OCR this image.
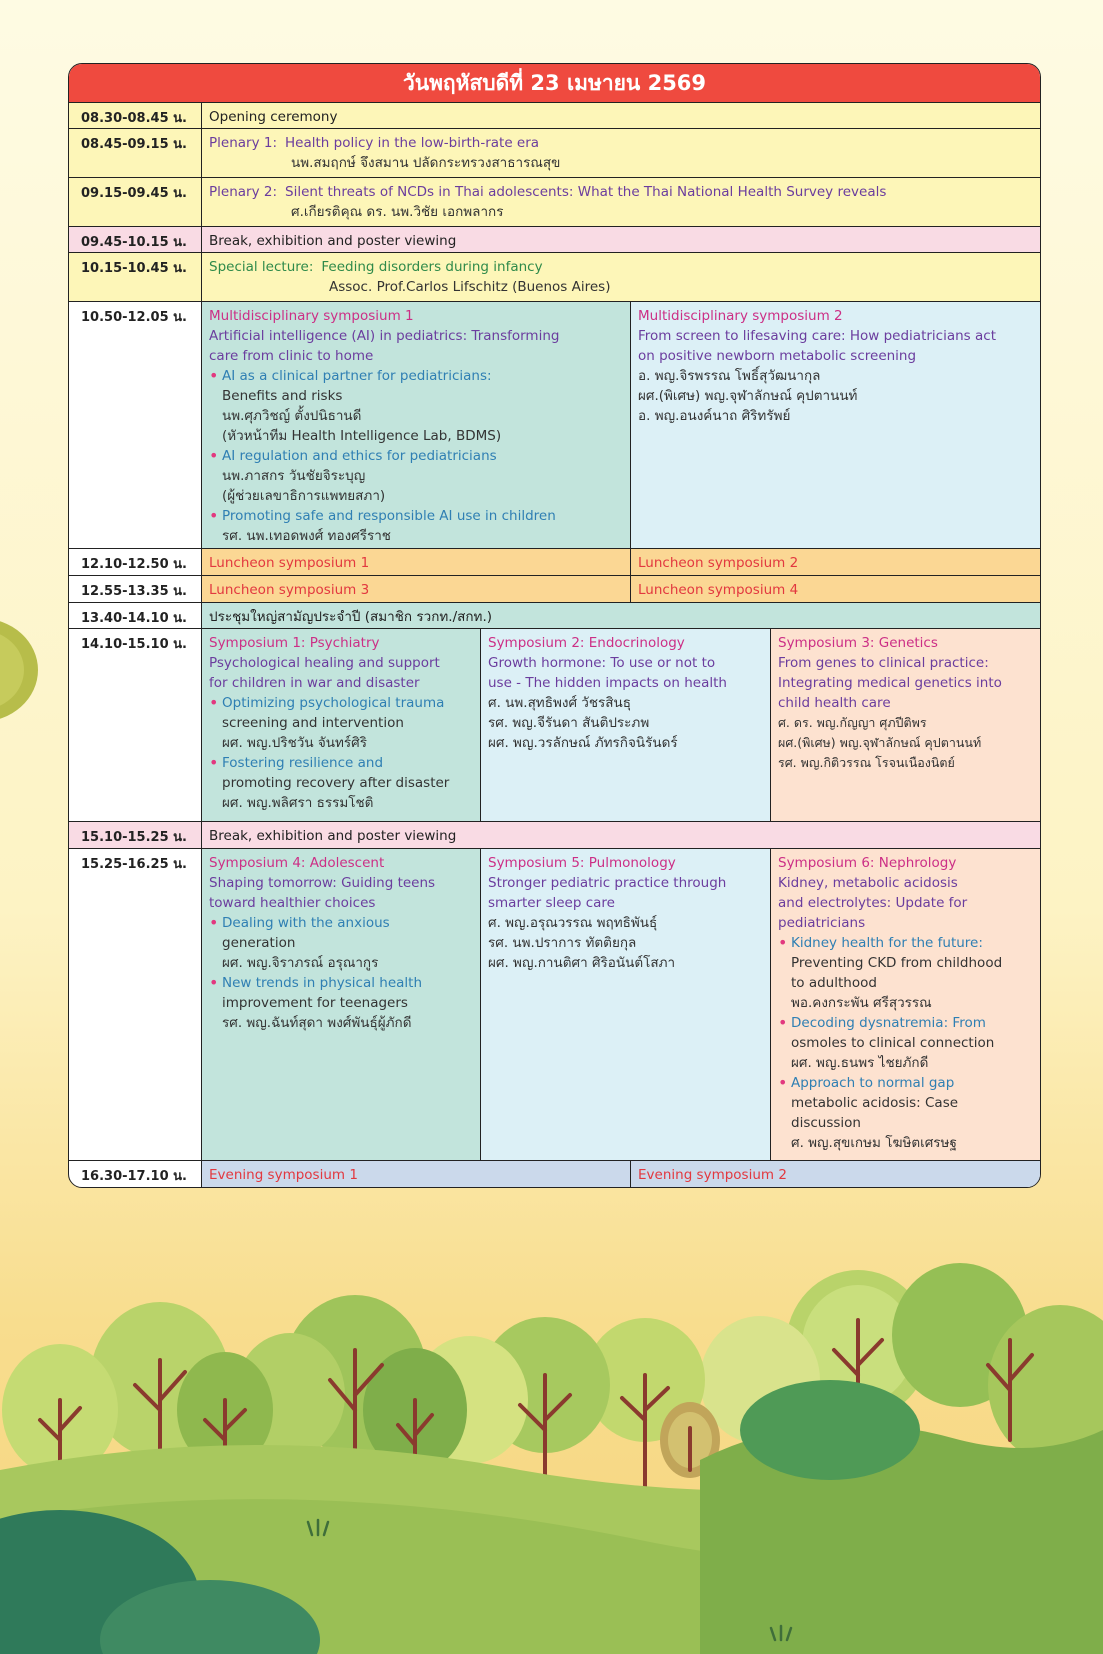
วันพฤหัสบดีที่ 23 เมษายน 2569
08.30-08.45 น.	Opening ceremony
08.45-09.15 น.	Plenary 1: Health policy in the low-birth-rate era
นพ.สมฤกษ์ จึงสมาน ปลัดกระทรวงสาธารณสุข
09.15-09.45 น.	Plenary 2: Silent threats of NCDs in Thai adolescents: What the Thai National Health Survey reveals
ศ.เกียรติคุณ ดร. นพ.วิชัย เอกพลากร
09.45-10.15 น.	Break, exhibition and poster viewing
10.15-10.45 น.	Special lecture: Feeding disorders during infancy
Assoc. Prof.Carlos Lifschitz (Buenos Aires)
10.50-12.05 น.	Multidisciplinary symposium 1
Artificial intelligence (AI) in pediatrics: Transforming
care from clinic to home
• AI as a clinical partner for pediatricians:
Benefits and risks
นพ.ศุภวิชญ์ ตั้งปนิธานดี
(หัวหน้าทีม Health Intelligence Lab, BDMS)
• AI regulation and ethics for pediatricians
นพ.ภาสกร วันชัยจิระบุญ
(ผู้ช่วยเลขาธิการแพทยสภา)
• Promoting safe and responsible AI use in children
รศ. นพ.เทอดพงศ์ ทองศรีราช
Multidisciplinary symposium 2
From screen to lifesaving care: How pediatricians act
on positive newborn metabolic screening
อ. พญ.จิรพรรณ โพธิ์สุวัฒนากุล
ผศ.(พิเศษ) พญ.จุฬาลักษณ์ คุปตานนท์
อ. พญ.อนงค์นาถ ศิริทรัพย์
12.10-12.50 น.	Luncheon symposium 1	Luncheon symposium 2
12.55-13.35 น.	Luncheon symposium 3	Luncheon symposium 4
13.40-14.10 น.	ประชุมใหญ่สามัญประจำปี (สมาชิก รวกท./สกท.)
14.10-15.10 น.	Symposium 1: Psychiatry
Psychological healing and support
for children in war and disaster
• Optimizing psychological trauma
screening and intervention
ผศ. พญ.ปริชวัน จันทร์ศิริ
• Fostering resilience and
promoting recovery after disaster
ผศ. พญ.พลิศรา ธรรมโชติ
Symposium 2: Endocrinology
Growth hormone: To use or not to
use - The hidden impacts on health
ศ. นพ.สุทธิพงศ์ วัชรสินธุ
รศ. พญ.จีรันดา สันติประภพ
ผศ. พญ.วรลักษณ์ ภัทรกิจนิรันดร์
Symposium 3: Genetics
From genes to clinical practice:
Integrating medical genetics into
child health care
ศ. ดร. พญ.กัญญา ศุภปีติพร
ผศ.(พิเศษ) พญ.จุฬาลักษณ์ คุปตานนท์
รศ. พญ.กิติวรรณ โรจนเนืองนิตย์
15.10-15.25 น.	Break, exhibition and poster viewing
15.25-16.25 น.	Symposium 4: Adolescent
Shaping tomorrow: Guiding teens
toward healthier choices
• Dealing with the anxious
generation
ผศ. พญ.จิราภรณ์ อรุณากูร
• New trends in physical health
improvement for teenagers
รศ. พญ.ฉันท์สุดา พงศ์พันธุ์ผู้ภักดี
Symposium 5: Pulmonology
Stronger pediatric practice through
smarter sleep care
ศ. พญ.อรุณวรรณ พฤทธิพันธุ์
รศ. นพ.ปราการ ทัตติยกุล
ผศ. พญ.กานติศา ศิริอนันต์โสภา
Symposium 6: Nephrology
Kidney, metabolic acidosis
and electrolytes: Update for
pediatricians
• Kidney health for the future:
Preventing CKD from childhood
to adulthood
พอ.คงกระพัน ศรีสุวรรณ
• Decoding dysnatremia: From
osmoles to clinical connection
ผศ. พญ.ธนพร ไชยภักดี
• Approach to normal gap
metabolic acidosis: Case
discussion
ศ. พญ.สุขเกษม โฆษิตเศรษฐ
16.30-17.10 น.	Evening symposium 1	Evening symposium 2
